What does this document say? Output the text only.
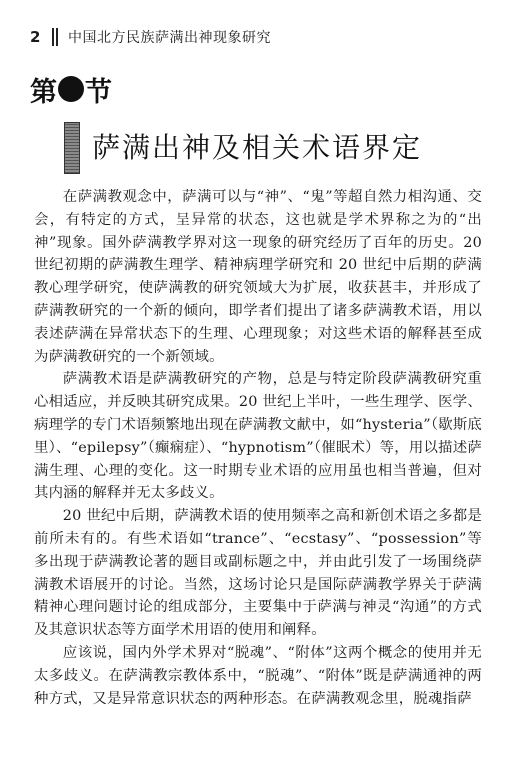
2	中国北方民族萨满出神现象研究
第 节
萨满出神及相关术语界定

在萨满教观念中，萨满可以与“神”、“鬼”等超自然力相沟通、交会，有特定的方式，呈异常的状态，这也就是学术界称之为的“出神”现象。国外萨满教学界对这一现象的研究经历了百年的历史。20 世纪初期的萨满教生理学、精神病理学研究和 20 世纪中后期的萨满教心理学研究，使萨满教的研究领域大为扩展，收获甚丰，并形成了萨满教研究的一个新的倾向，即学者们提出了诸多萨满教术语，用以表述萨满在异常状态下的生理、心理现象；对这些术语的解释甚至成为萨满教研究的一个新领域。

萨满教术语是萨满教研究的产物，总是与特定阶段萨满教研究重心相适应，并反映其研究成果。20 世纪上半叶，一些生理学、医学、病理学的专门术语频繁地出现在萨满教文献中，如“hysteria”（歇斯底里）、“epilepsy”（癫痫症）、“hypnotism”（催眠术）等，用以描述萨满生理、心理的变化。这一时期专业术语的应用虽也相当普遍，但对其内涵的解释并无太多歧义。

20 世纪中后期，萨满教术语的使用频率之高和新创术语之多都是前所未有的。有些术语如“trance”、“ecstasy”、“possession”等多出现于萨满教论著的题目或副标题之中，并由此引发了一场围绕萨满教术语展开的讨论。当然，这场讨论只是国际萨满教学界关于萨满精神心理问题讨论的组成部分，主要集中于萨满与神灵“沟通”的方式及其意识状态等方面学术用语的使用和阐释。

应该说，国内外学术界对“脱魂”、“附体”这两个概念的使用并无太多歧义。在萨满教宗教体系中，“脱魂”、“附体”既是萨满通神的两种方式，又是异常意识状态的两种形态。在萨满教观念里，脱魂指萨
